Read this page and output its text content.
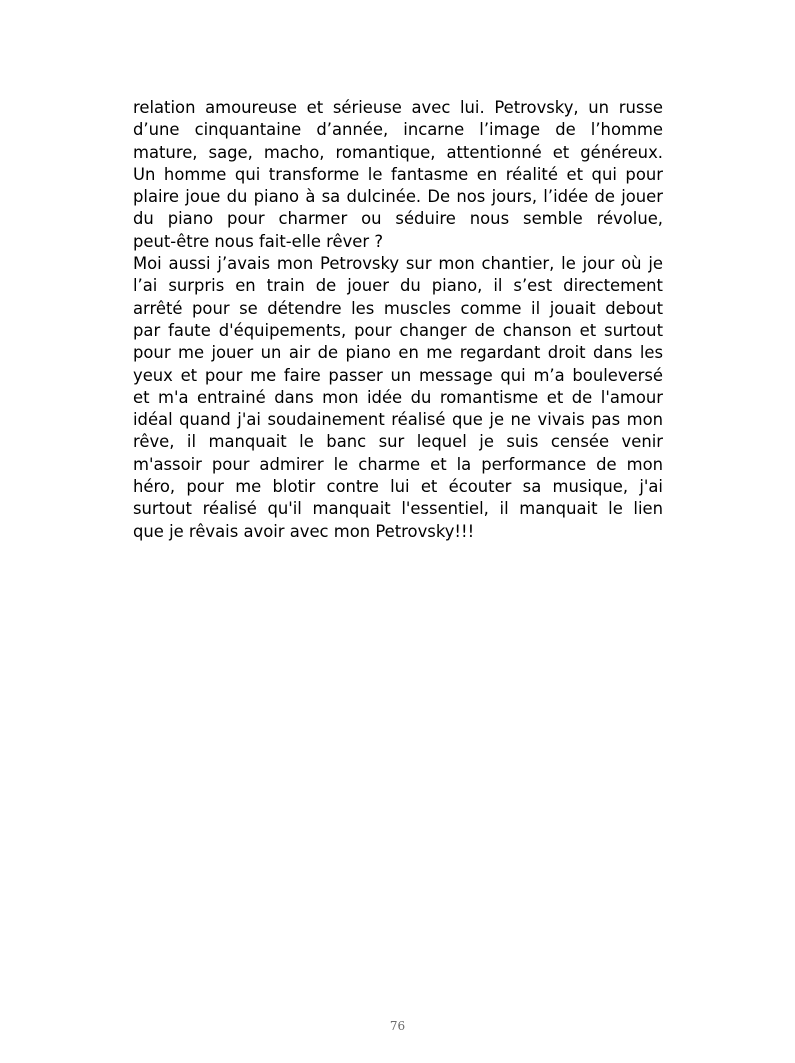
relation amoureuse et sérieuse avec lui. Petrovsky, un russe
d’une cinquantaine d’année, incarne l’image de l’homme
mature, sage, macho, romantique, attentionné et généreux.
Un homme qui transforme le fantasme en réalité et qui pour
plaire joue du piano à sa dulcinée. De nos jours, l’idée de jouer
du piano pour charmer ou séduire nous semble révolue,
peut-être nous fait-elle rêver ?
Moi aussi j’avais mon Petrovsky sur mon chantier, le jour où je
l’ai surpris en train de jouer du piano, il s’est directement
arrêté pour se détendre les muscles comme il jouait debout
par faute d'équipements, pour changer de chanson et surtout
pour me jouer un air de piano en me regardant droit dans les
yeux et pour me faire passer un message qui m’a bouleversé
et m'a entrainé dans mon idée du romantisme et de l'amour
idéal quand j'ai soudainement réalisé que je ne vivais pas mon
rêve, il manquait le banc sur lequel je suis censée venir
m'assoir pour admirer le charme et la performance de mon
héro, pour me blotir contre lui et écouter sa musique, j'ai
surtout réalisé qu'il manquait l'essentiel, il manquait le lien
que je rêvais avoir avec mon Petrovsky!!!
76
